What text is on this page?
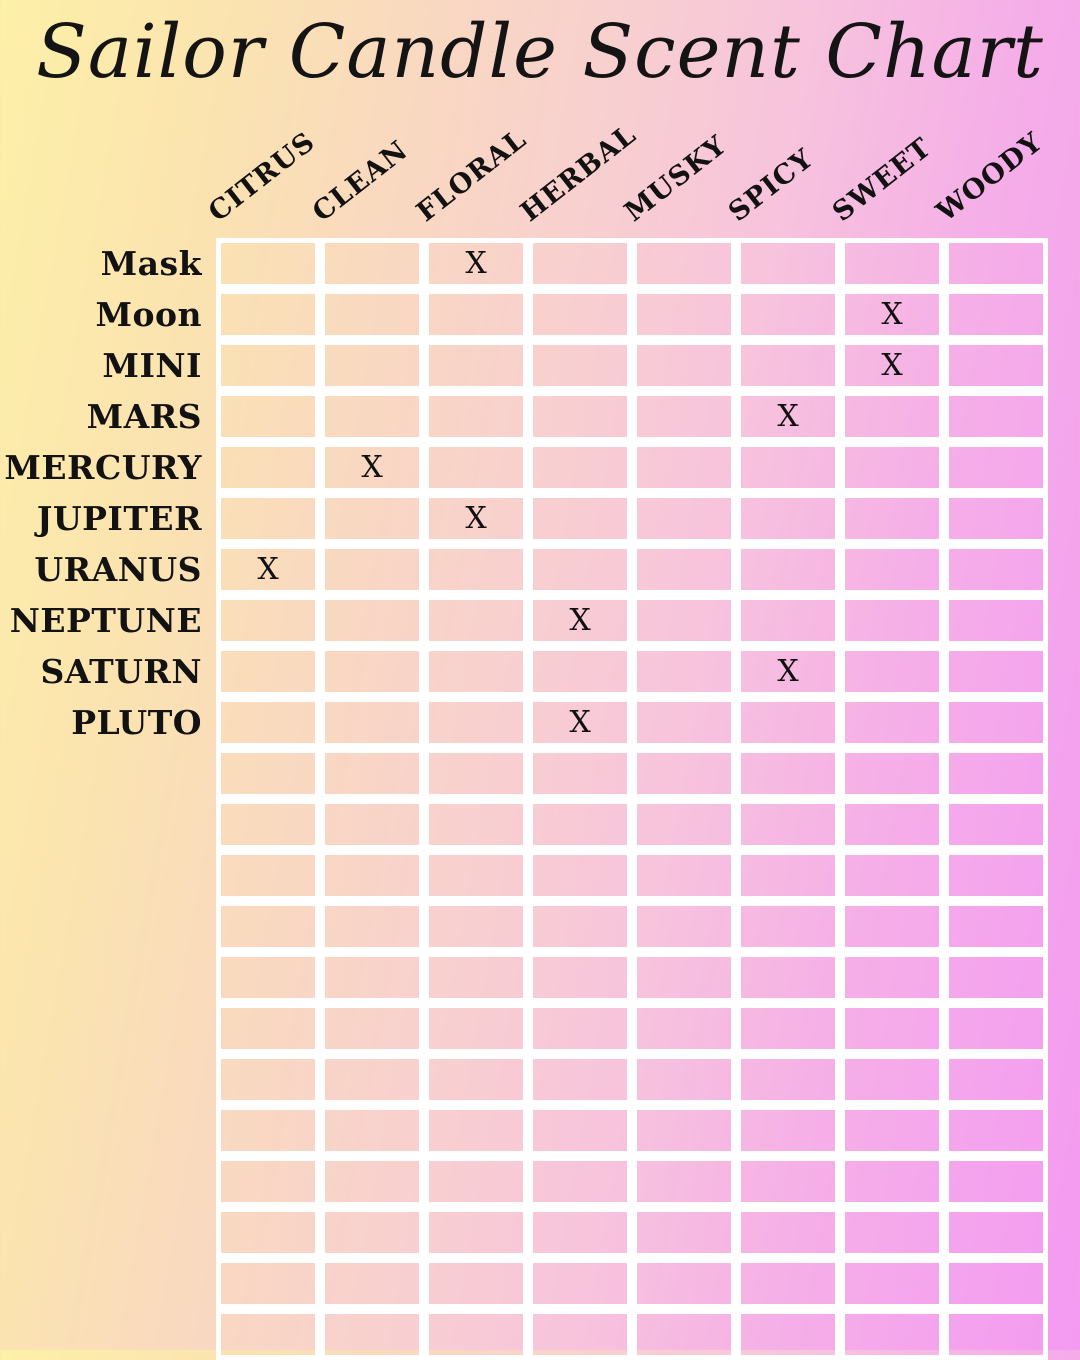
Sailor Candle Scent Chart
CITRUS
CLEAN
FLORAL
HERBAL
MUSKY
SPICY SWEET
WOODY
Mask
Moon
MINI
MARS
MERCURY
JUPITER
URANUS
NEPTUNE
SATURN
PLUTO
X
X
X
X
X
X
X
X
X
X
